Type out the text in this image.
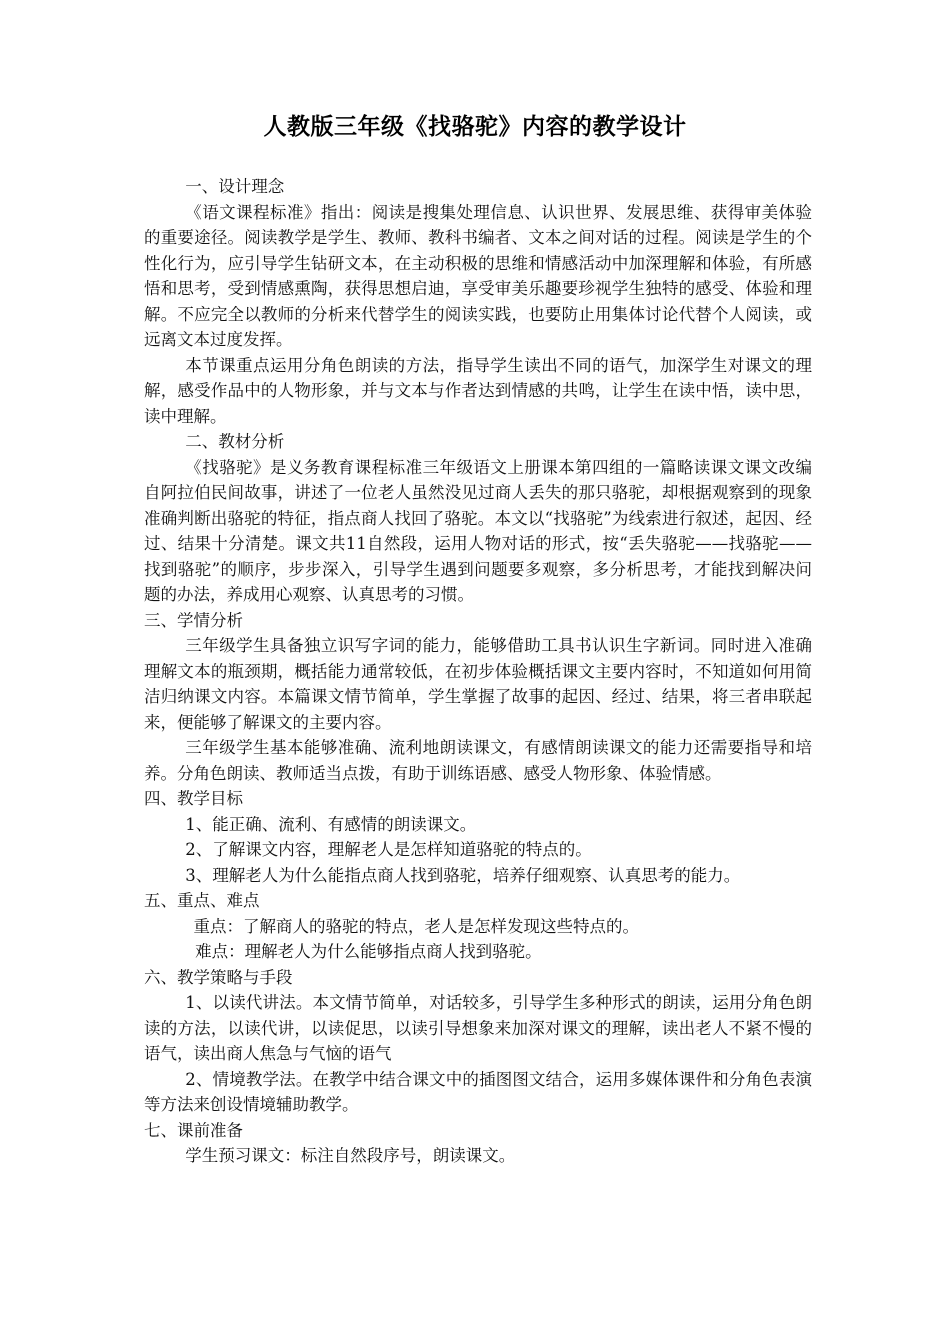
人教版三年级《找骆驼》内容的教学设计

一、设计理念

《语文课程标准》指出：阅读是搜集处理信息、认识世界、发展思维、获得审美体验的重要途径。阅读教学是学生、教师、教科书编者、文本之间对话的过程。阅读是学生的个性化行为，应引导学生钻研文本，在主动积极的思维和情感活动中加深理解和体验，有所感悟和思考，受到情感熏陶，获得思想启迪，享受审美乐趣要珍视学生独特的感受、体验和理解。不应完全以教师的分析来代替学生的阅读实践，也要防止用集体讨论代替个人阅读，或远离文本过度发挥。

本节课重点运用分角色朗读的方法，指导学生读出不同的语气，加深学生对课文的理解，感受作品中的人物形象，并与文本与作者达到情感的共鸣，让学生在读中悟，读中思，读中理解。

二、教材分析

《找骆驼》是义务教育课程标准三年级语文上册课本第四组的一篇略读课文课文改编自阿拉伯民间故事，讲述了一位老人虽然没见过商人丢失的那只骆驼，却根据观察到的现象准确判断出骆驼的特征，指点商人找回了骆驼。本文以“找骆驼”为线索进行叙述，起因、经过、结果十分清楚。课文共11自然段，运用人物对话的形式，按“丢失骆驼——找骆驼——找到骆驼”的顺序，步步深入，引导学生遇到问题要多观察，多分析思考，才能找到解决问题的办法，养成用心观察、认真思考的习惯。

三、学情分析

三年级学生具备独立识写字词的能力，能够借助工具书认识生字新词。同时进入准确理解文本的瓶颈期，概括能力通常较低，在初步体验概括课文主要内容时，不知道如何用简洁归纳课文内容。本篇课文情节简单，学生掌握了故事的起因、经过、结果，将三者串联起来，便能够了解课文的主要内容。

三年级学生基本能够准确、流利地朗读课文，有感情朗读课文的能力还需要指导和培养。分角色朗读、教师适当点拨，有助于训练语感、感受人物形象、体验情感。

四、教学目标

1、能正确、流利、有感情的朗读课文。

2、了解课文内容，理解老人是怎样知道骆驼的特点的。

3、理解老人为什么能指点商人找到骆驼，培养仔细观察、认真思考的能力。

五、重点、难点

重点：了解商人的骆驼的特点，老人是怎样发现这些特点的。

难点：理解老人为什么能够指点商人找到骆驼。

六、教学策略与手段

1、以读代讲法。本文情节简单，对话较多，引导学生多种形式的朗读，运用分角色朗读的方法，以读代讲，以读促思，以读引导想象来加深对课文的理解，读出老人不紧不慢的语气，读出商人焦急与气恼的语气

2、情境教学法。在教学中结合课文中的插图图文结合，运用多媒体课件和分角色表演等方法来创设情境辅助教学。

七、课前准备

学生预习课文：标注自然段序号，朗读课文。
